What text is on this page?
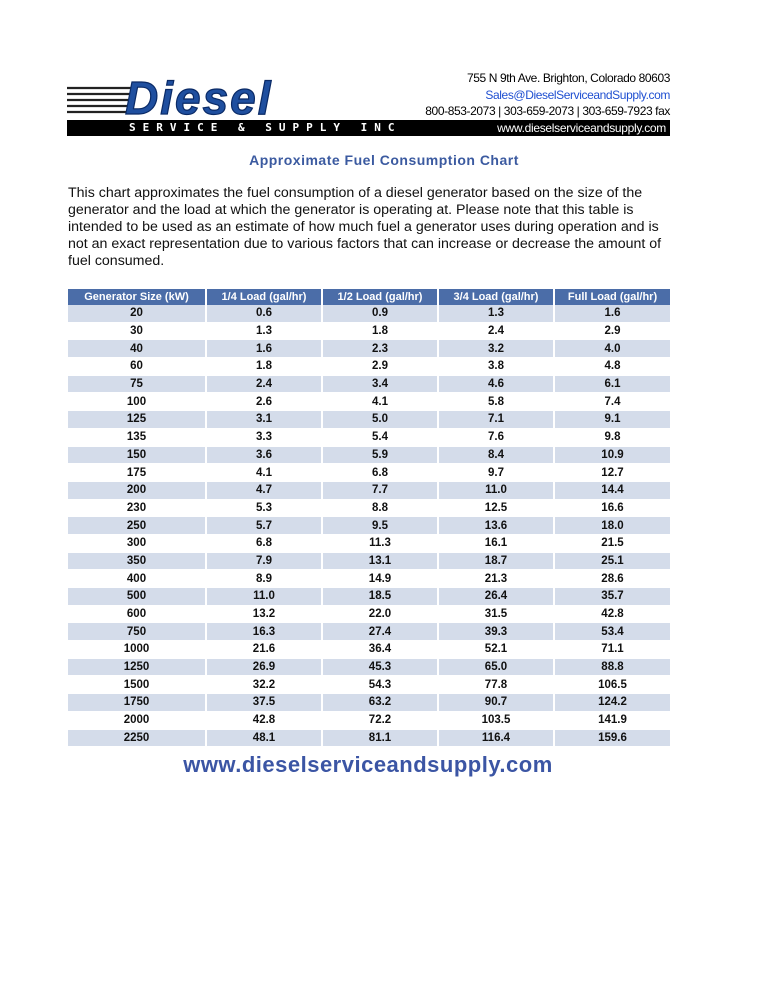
Diesel	755 N 9th Ave. Brighton, Colorado 80603
Sales@DieselServiceandSupply.com
800-853-2073 | 303-659-2073 | 303-659-7923 fax
SERVICE & SUPPLY INC	www.dieselserviceandsupply.com
Approximate Fuel Consumption Chart

This chart approximates the fuel consumption of a diesel generator based on the size of the generator and the load at which the generator is operating at. Please note that this table is intended to be used as an estimate of how much fuel a generator uses during operation and is not an exact representation due to various factors that can increase or decrease the amount of fuel consumed.

Generator Size (kW)	1/4 Load (gal/hr)	1/2 Load (gal/hr)	3/4 Load (gal/hr)	Full Load (gal/hr)
20	0.6	0.9	1.3	1.6
30	1.3	1.8	2.4	2.9
40	1.6	2.3	3.2	4.0
60	1.8	2.9	3.8	4.8
75	2.4	3.4	4.6	6.1
100	2.6	4.1	5.8	7.4
125	3.1	5.0	7.1	9.1
135	3.3	5.4	7.6	9.8
150	3.6	5.9	8.4	10.9
175	4.1	6.8	9.7	12.7
200	4.7	7.7	11.0	14.4
230	5.3	8.8	12.5	16.6
250	5.7	9.5	13.6	18.0
300	6.8	11.3	16.1	21.5
350	7.9	13.1	18.7	25.1
400	8.9	14.9	21.3	28.6
500	11.0	18.5	26.4	35.7
600	13.2	22.0	31.5	42.8
750	16.3	27.4	39.3	53.4
1000	21.6	36.4	52.1	71.1
1250	26.9	45.3	65.0	88.8
1500	32.2	54.3	77.8	106.5
1750	37.5	63.2	90.7	124.2
2000	42.8	72.2	103.5	141.9
2250	48.1	81.1	116.4	159.6
www.dieselserviceandsupply.com
